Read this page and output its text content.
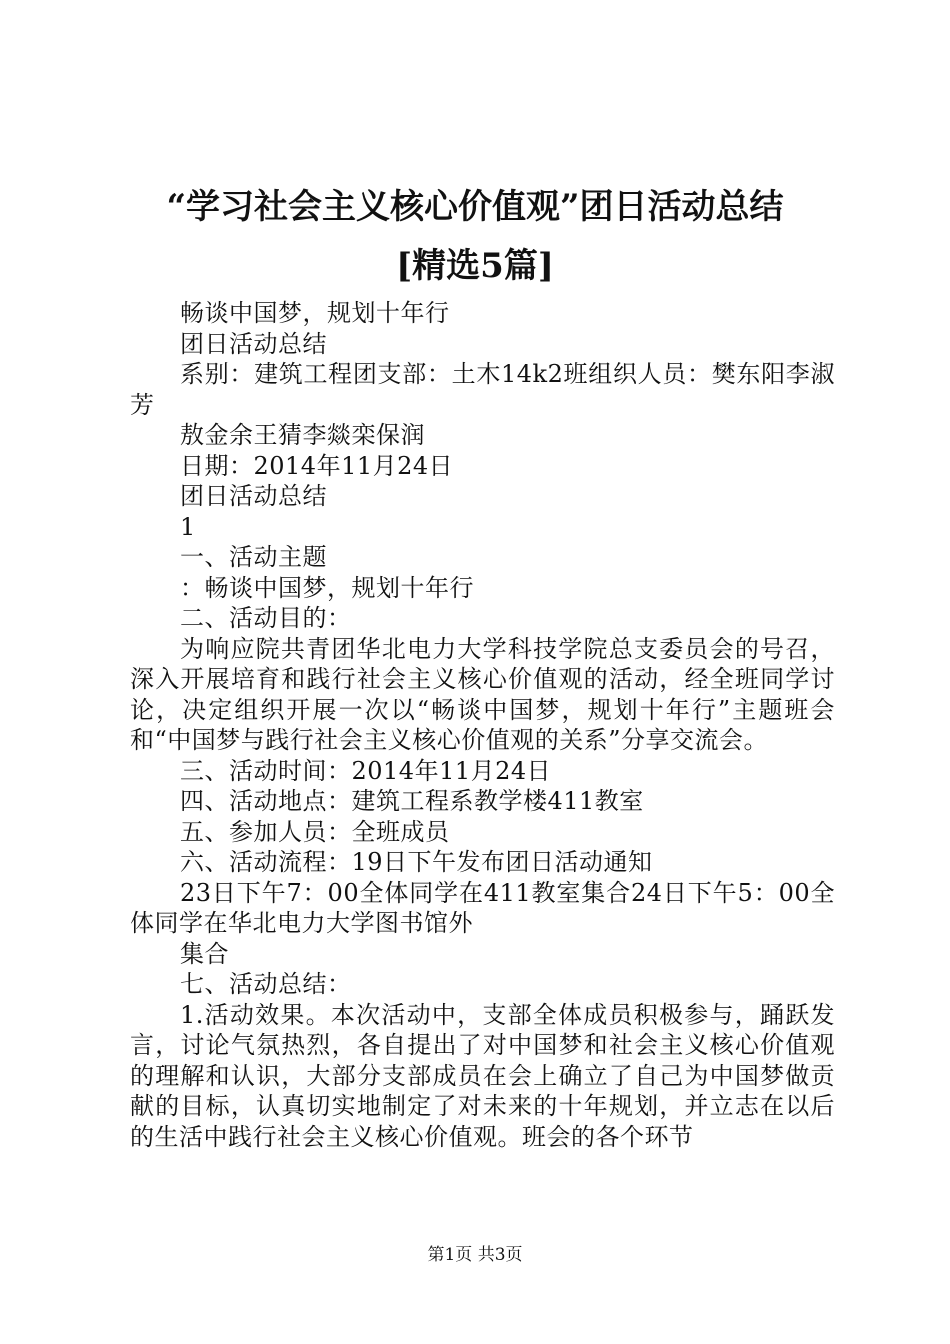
“学习社会主义核心价值观”团日活动总结
[精选5篇]
畅谈中国梦，规划十年行
团日活动总结
系别：建筑工程团支部：土木14k2班组织人员：樊东阳李淑芳
敖金余王猜李燚栾保润
日期：2014年11月24日
团日活动总结
1
一、活动主题
：畅谈中国梦，规划十年行
二、活动目的：
为响应院共青团华北电力大学科技学院总支委员会的号召，深入开展培育和践行社会主义核心价值观的活动，经全班同学讨论，决定组织开展一次以“畅谈中国梦，规划十年行”主题班会和“中国梦与践行社会主义核心价值观的关系”分享交流会。
三、活动时间：2014年11月24日
四、活动地点：建筑工程系教学楼411教室
五、参加人员：全班成员
六、活动流程：19日下午发布团日活动通知
23日下午7：00全体同学在411教室集合24日下午5：00全体同学在华北电力大学图书馆外
集合
七、活动总结：
1.活动效果。本次活动中，支部全体成员积极参与，踊跃发言，讨论气氛热烈，各自提出了对中国梦和社会主义核心价值观的理解和认识，大部分支部成员在会上确立了自己为中国梦做贡献的目标，认真切实地制定了对未来的十年规划，并立志在以后的生活中践行社会主义核心价值观。班会的各个环节
第1页 共3页
